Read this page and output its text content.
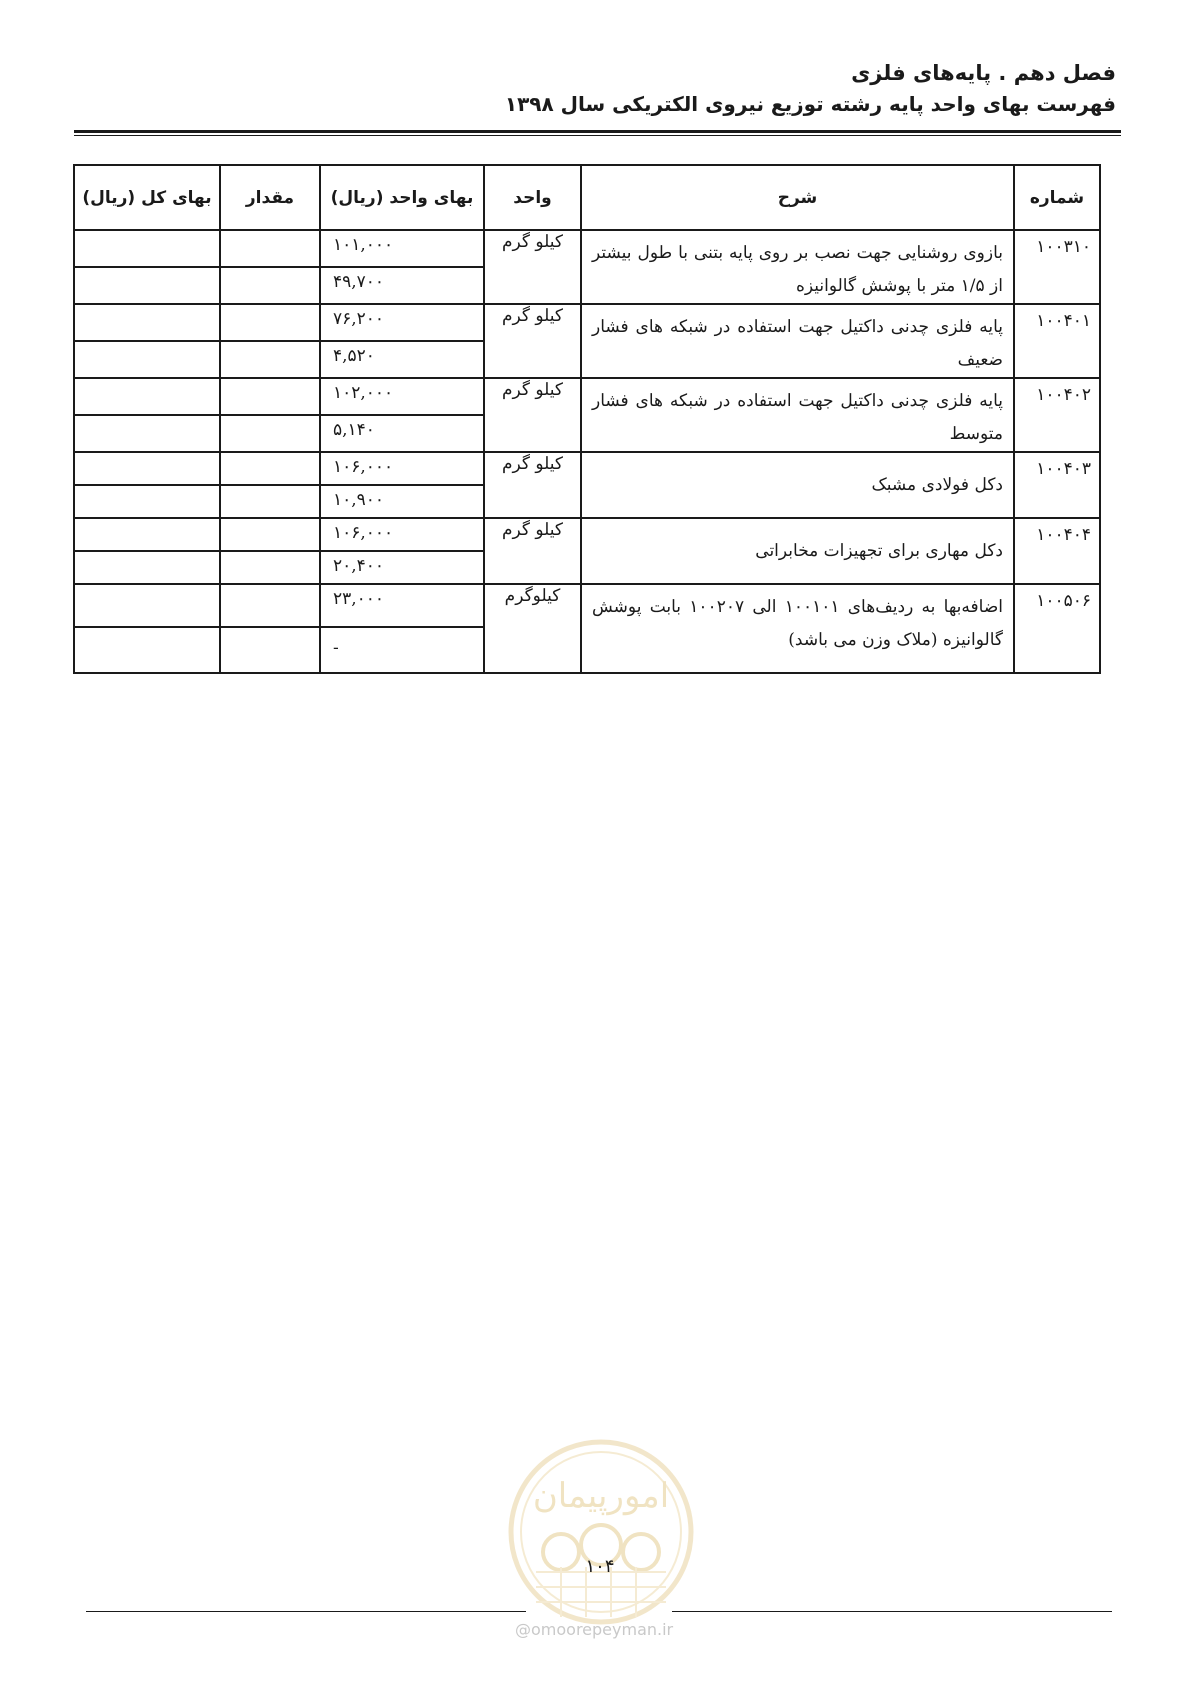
فصل دهم . پایه‌های فلزی
فهرست بهای واحد پایه رشته توزیع نیروی الکتریکی سال ۱۳۹۸
شماره	شرح	واحد	بهای واحد (ریال)	مقدار	بهای کل (ریال)
۱۰۰۳۱۰	بازوی روشنایی جهت نصب بر روی پایه بتنی با طول بیشتر از ۱/۵ متر با پوشش گالوانیزه	کیلو گرم	۱۰۱,۰۰۰		
			۴۹,۷۰۰		
۱۰۰۴۰۱	پایه فلزی چدنی داکتیل جهت استفاده در شبکه های فشار ضعیف	کیلو گرم	۷۶,۲۰۰		
			۴,۵۲۰		
۱۰۰۴۰۲	پایه فلزی چدنی داکتیل جهت استفاده در شبکه های فشار متوسط	کیلو گرم	۱۰۲,۰۰۰		
			۵,۱۴۰		
۱۰۰۴۰۳	دکل فولادی مشبک	کیلو گرم	۱۰۶,۰۰۰		
			۱۰,۹۰۰		
۱۰۰۴۰۴	دکل مهاری برای تجهیزات مخابراتی	کیلو گرم	۱۰۶,۰۰۰		
			۲۰,۴۰۰		
۱۰۰۵۰۶	اضافه‌بها به ردیف‌های ۱۰۰۱۰۱ الی ۱۰۰۲۰۷ بابت پوشش گالوانیزه (ملاک وزن می باشد)	کیلوگرم	۲۳,۰۰۰		
			-		
امورپیمان
۱۰۴
@omoorepeyman.ir
